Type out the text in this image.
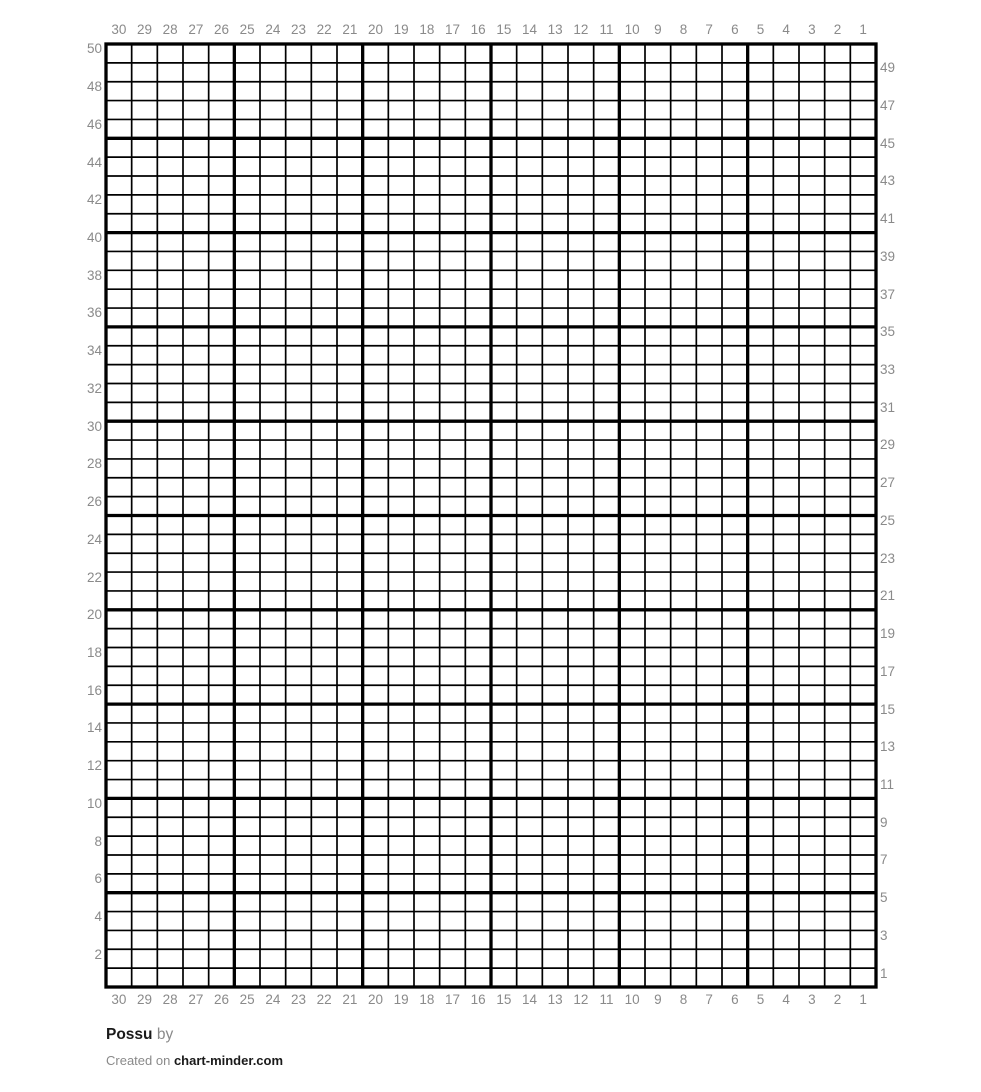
30 29 28 27 26 25 24 23 22 21 20 19 18 17 16 15 14 13 12 11 10 9 8 7 6 5 4 3 2 1
50
48
46
44
42
40
38
36
34
32
30
28
26
24
22
20
18
16
14
12
10
8
6
4
2
49
47
45
43
41
39
37
35
33
31
29
27
25
23
21
19
17
15
13
11
9
7
5
3
1
30 29 28 27 26 25 24 23 22 21 20 19 18 17 16 15 14 13 12 11 10 9 8 7 6 5 4 3 2 1
Possu by
Created on chart-minder.com
